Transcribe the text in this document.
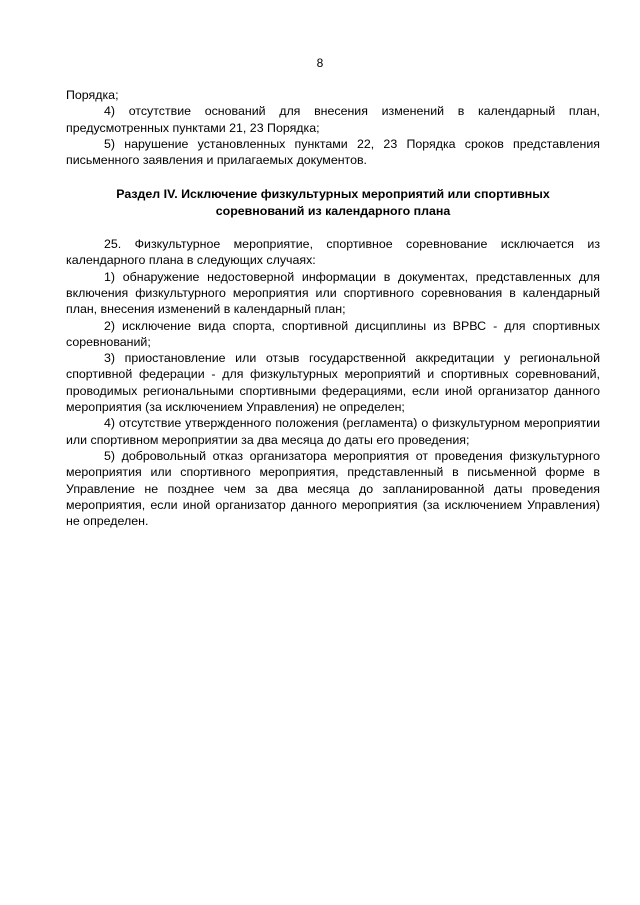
8

Порядка;

4) отсутствие оснований для внесения изменений в календарный план, предусмотренных пунктами 21, 23 Порядка;

5) нарушение установленных пунктами 22, 23 Порядка сроков представления письменного заявления и прилагаемых документов.

Раздел IV. Исключение физкультурных мероприятий или спортивных соревнований из календарного плана

25. Физкультурное мероприятие, спортивное соревнование исключается из календарного плана в следующих случаях:

1) обнаружение недостоверной информации в документах, представленных для включения физкультурного мероприятия или спортивного соревнования в календарный план, внесения изменений в календарный план;

2) исключение вида спорта, спортивной дисциплины из ВРВС - для спортивных соревнований;

3) приостановление или отзыв государственной аккредитации у региональной спортивной федерации - для физкультурных мероприятий и спортивных соревнований, проводимых региональными спортивными федерациями, если иной организатор данного мероприятия (за исключением Управления) не определен;

4) отсутствие утвержденного положения (регламента) о физкультурном мероприятии или спортивном мероприятии за два месяца до даты его проведения;

5) добровольный отказ организатора мероприятия от проведения физкультурного мероприятия или спортивного мероприятия, представленный в письменной форме в Управление не позднее чем за два месяца до запланированной даты проведения мероприятия, если иной организатор данного мероприятия (за исключением Управления) не определен.
